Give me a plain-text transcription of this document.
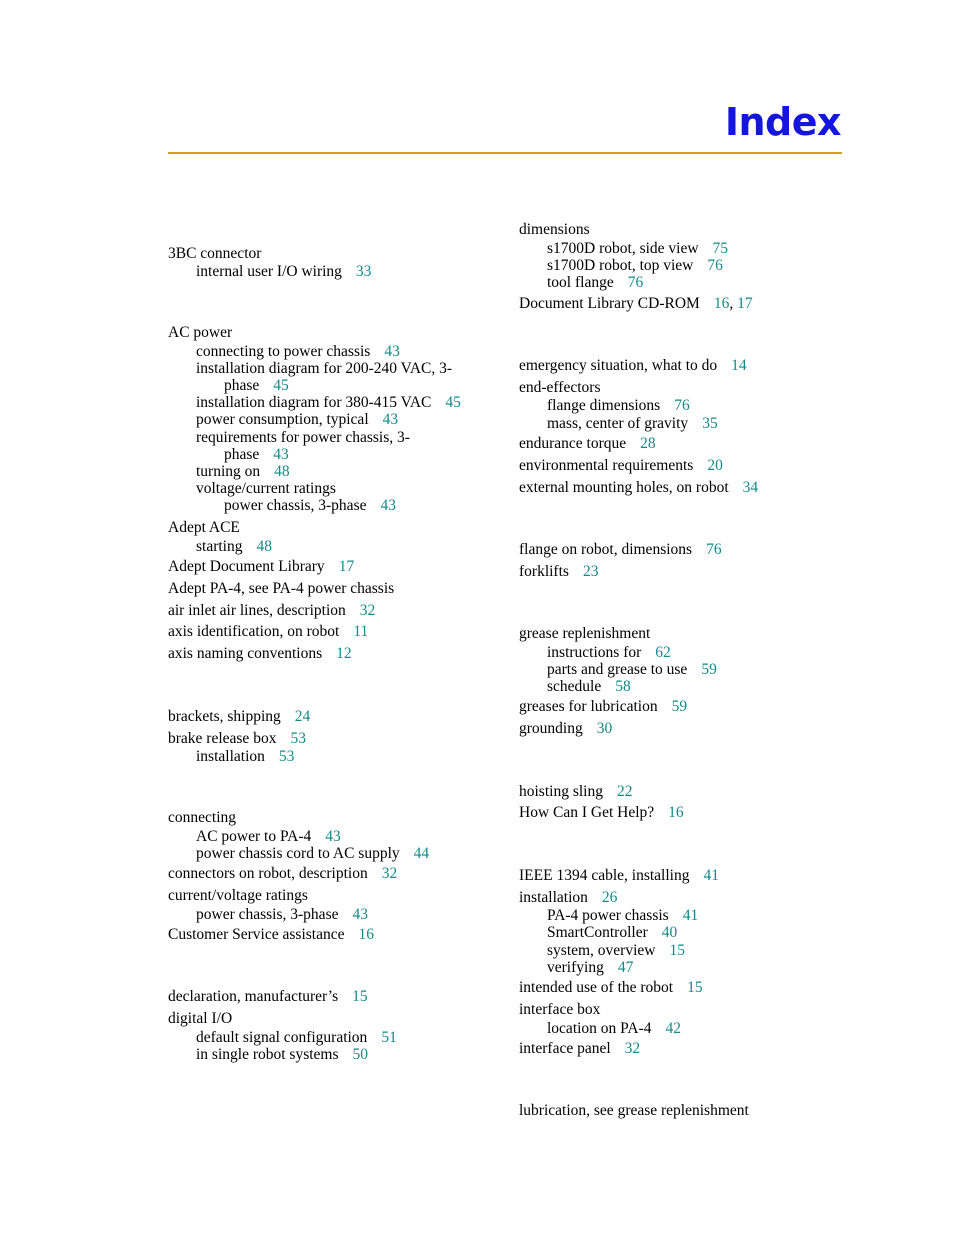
Index
3BC connector
internal user I/O wiring 33
AC power
connecting to power chassis 43
installation diagram for 200-240 VAC, 3-
phase 45
installation diagram for 380-415 VAC 45
power consumption, typical 43
requirements for power chassis, 3-
phase 43
turning on 48
voltage/current ratings
power chassis, 3-phase 43
Adept ACE
starting 48
Adept Document Library 17
Adept PA-4, see PA-4 power chassis
air inlet air lines, description 32
axis identification, on robot 11
axis naming conventions 12
brackets, shipping 24
brake release box 53
installation 53
connecting
AC power to PA-4 43
power chassis cord to AC supply 44
connectors on robot, description 32
current/voltage ratings
power chassis, 3-phase 43
Customer Service assistance 16
declaration, manufacturer’s 15
digital I/O
default signal configuration 51
in single robot systems 50
dimensions
s1700D robot, side view 75
s1700D robot, top view 76
tool flange 76
Document Library CD-ROM 16, 17
emergency situation, what to do 14
end-effectors
flange dimensions 76
mass, center of gravity 35
endurance torque 28
environmental requirements 20
external mounting holes, on robot 34
flange on robot, dimensions 76
forklifts 23
grease replenishment
instructions for 62
parts and grease to use 59
schedule 58
greases for lubrication 59
grounding 30
hoisting sling 22
How Can I Get Help? 16
IEEE 1394 cable, installing 41
installation 26
PA-4 power chassis 41
SmartController 40
system, overview 15
verifying 47
intended use of the robot 15
interface box
location on PA-4 42
interface panel 32
lubrication, see grease replenishment
